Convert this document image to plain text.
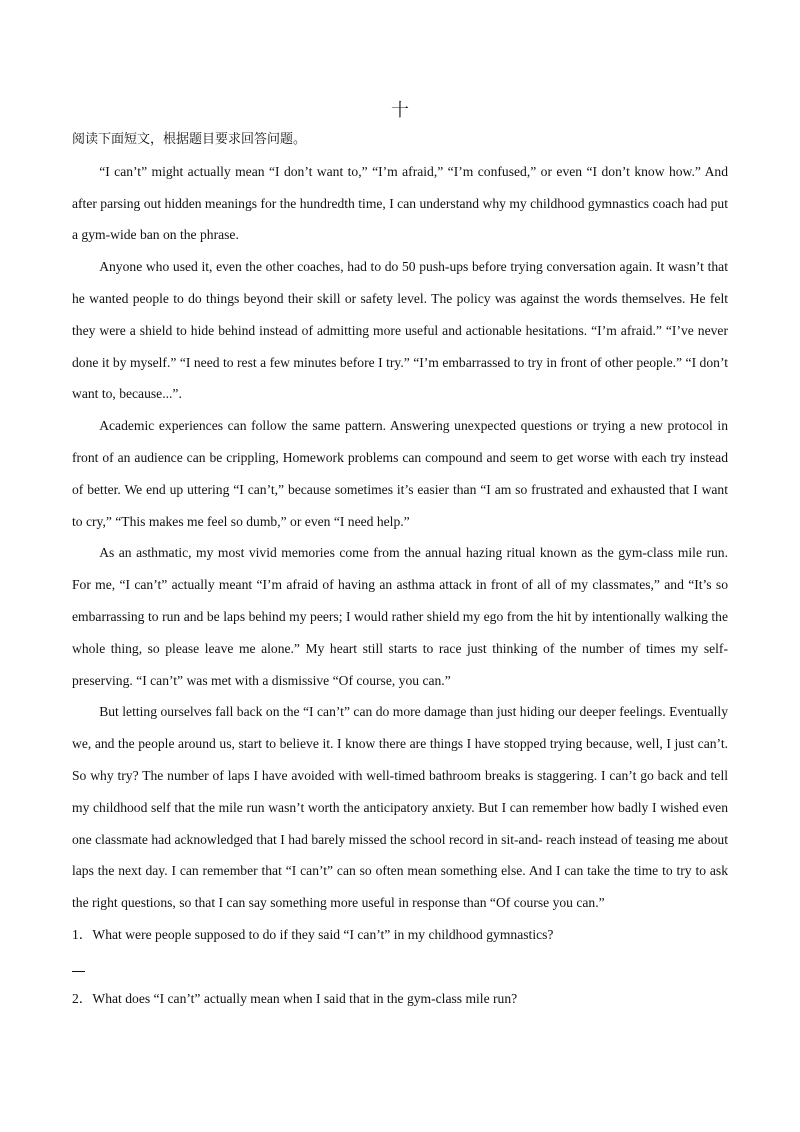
十

阅读下面短文，根据题目要求回答问题。

“I can’t” might actually mean “I don’t want to,” “I’m afraid,” “I’m confused,” or even “I don’t know how.” And after parsing out hidden meanings for the hundredth time, I can understand why my childhood gymnastics coach had put a gym-wide ban on the phrase.

Anyone who used it, even the other coaches, had to do 50 push-ups before trying conversation again. It wasn’t that he wanted people to do things beyond their skill or safety level. The policy was against the words themselves. He felt they were a shield to hide behind instead of admitting more useful and actionable hesitations. “I’m afraid.” “I’ve never done it by myself.” “I need to rest a few minutes before I try.” “I’m embarrassed to try in front of other people.” “I don’t want to, because...”.

Academic experiences can follow the same pattern. Answering unexpected questions or trying a new protocol in front of an audience can be crippling, Homework problems can compound and seem to get worse with each try instead of better. We end up uttering “I can’t,” because sometimes it’s easier than “I am so frustrated and exhausted that I want to cry,” “This makes me feel so dumb,” or even “I need help.”

As an asthmatic, my most vivid memories come from the annual hazing ritual known as the gym-class mile run. For me, “I can’t” actually meant “I’m afraid of having an asthma attack in front of all of my classmates,” and “It’s so embarrassing to run and be laps behind my peers; I would rather shield my ego from the hit by intentionally walking the whole thing, so please leave me alone.” My heart still starts to race just thinking of the number of times my self-preserving. “I can’t” was met with a dismissive “Of course, you can.”

But letting ourselves fall back on the “I can’t” can do more damage than just hiding our deeper feelings. Eventually we, and the people around us, start to believe it. I know there are things I have stopped trying because, well, I just can’t. So why try? The number of laps I have avoided with well-timed bathroom breaks is staggering. I can’t go back and tell my childhood self that the mile run wasn’t worth the anticipatory anxiety. But I can remember how badly I wished even one classmate had acknowledged that I had barely missed the school record in sit-and- reach instead of teasing me about laps the next day. I can remember that “I can’t” can so often mean something else. And I can take the time to try to ask the right questions, so that I can say something more useful in response than “Of course you can.”

1．What were people supposed to do if they said “I can’t” in my childhood gymnastics?

2．What does “I can’t” actually mean when I said that in the gym-class mile run?
